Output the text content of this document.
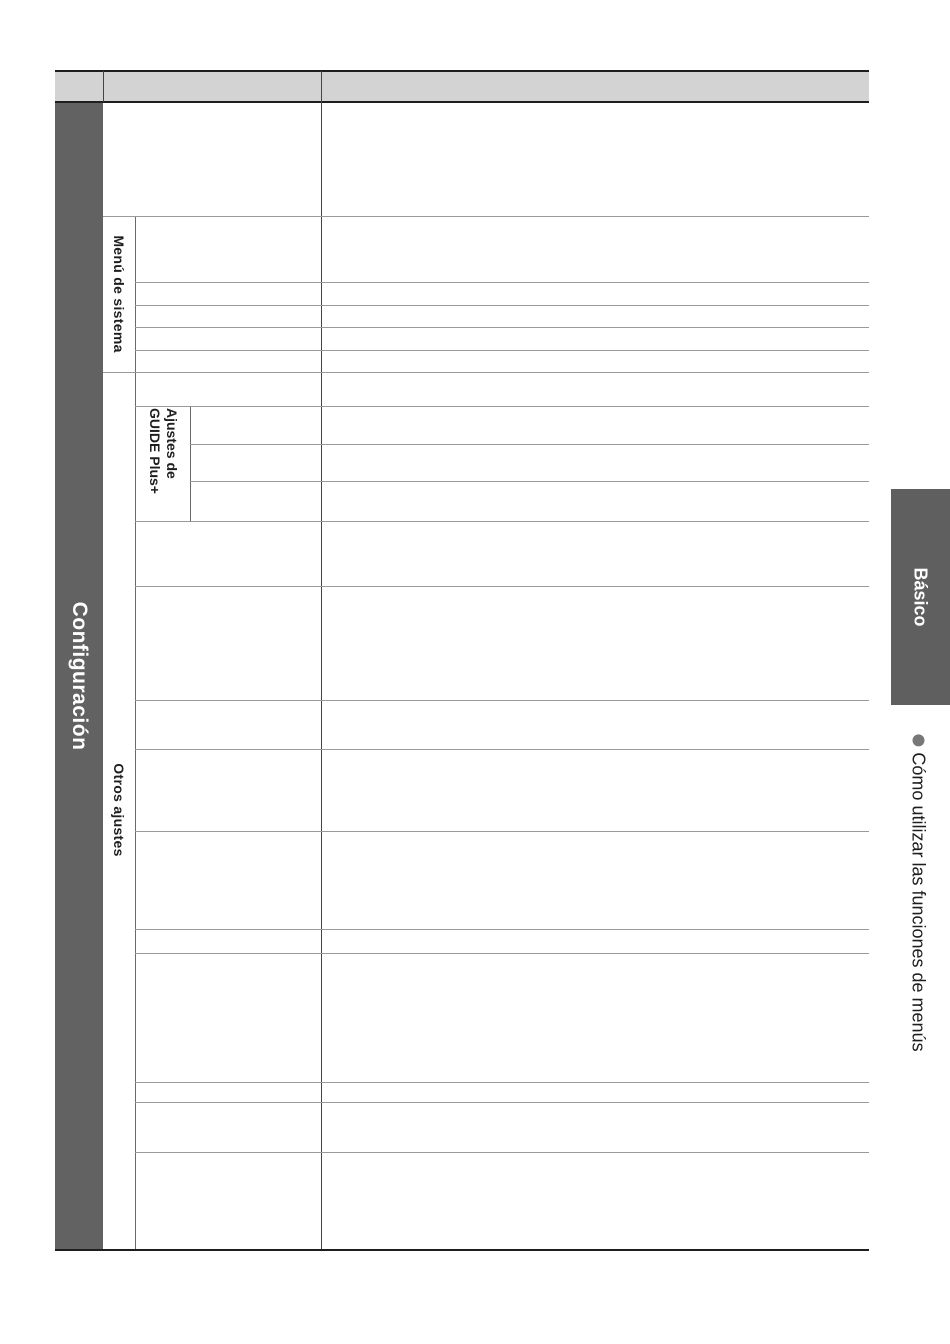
Configuración
Menú de sistema
Otros ajustes
Ajustes de GUIDE Plus+
Básico
Cómo utilizar las funciones de menús
